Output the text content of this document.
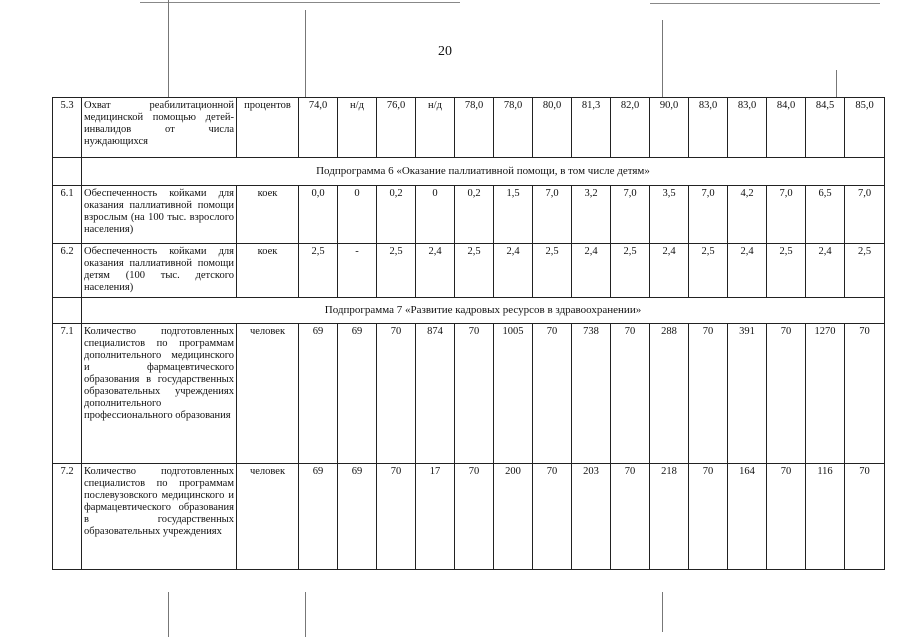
20
5.3	Охват реабилитационной медицинской помощью детей-инвалидов от числа нуждающихся	процентов	74,0	н/д	76,0	н/д	78,0	78,0	80,0	81,3	82,0	90,0	83,0	83,0	84,0	84,5	85,0
	Подпрограмма 6 «Оказание паллиативной помощи, в том числе детям»																
6.1	Обеспеченность койками для оказания паллиативной помощи взрослым (на 100 тыс. взрослого населения)	коек	0,0	0	0,2	0	0,2	1,5	7,0	3,2	7,0	3,5	7,0	4,2	7,0	6,5	7,0
6.2	Обеспеченность койками для оказания паллиативной помощи детям (100 тыс. детского населения)	коек	2,5	-	2,5	2,4	2,5	2,4	2,5	2,4	2,5	2,4	2,5	2,4	2,5	2,4	2,5
	Подпрограмма 7 «Развитие кадровых ресурсов в здравоохранении»																
7.1	Количество подготовленных специалистов по программам дополнительного медицинского и фармацевтического образования в государственных образовательных учреждениях дополнительного профессионального образования	человек	69	69	70	874	70	1005	70	738	70	288	70	391	70	1270	70
7.2	Количество подготовленных специалистов по программам послевузовского медицинского и фармацевтического образования в государственных образовательных учреждениях	человек	69	69	70	17	70	200	70	203	70	218	70	164	70	116	70
